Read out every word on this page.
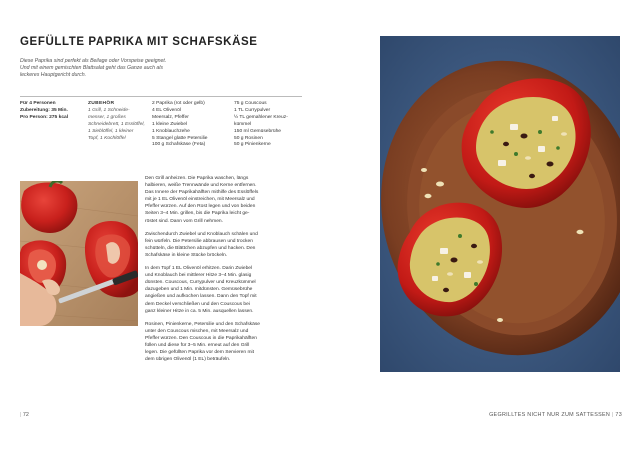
GEFÜLLTE PAPRIKA MIT SCHAFSKÄSE
Diese Paprika sind perfekt als Beilage oder Vorspeise geeignet.
Und mit einem gemischten Blattsalat geht das Ganze auch als
leckeres Hauptgericht durch.
Für 4 Personen
Zubereitung: 35 Min.
Pro Person: 275 kcal
ZUBEHÖR
1 Grill, 1 Schneide-
messer, 1 großes
Schneidebrett, 1 Esslöffel,
1 Sieblöffel, 1 kleiner
Topf, 1 Kochlöffel
2 Paprika (rot oder gelb)
4 EL Olivenöl
Meersalz, Pfeffer
1 kleine Zwiebel
1 Knoblauchzehe
5 Stangel glatte Petersilie
100 g Schafskäse (Feta)
75 g Couscous
1 TL Currypulver
½ TL gemahlener Kreuz-
kümmel
150 ml Gemüsebrühe
50 g Rosinen
50 g Pinienkerne

Den Grill anheizen. Die Paprika waschen, längs
halbieren, weiße Trennwände und Kerne entfernen.
Das Innere der Paprikahälften mithilfe des Esslöffels
mit je 1 EL Olivenöl einstreichen, mit Meersalz und
Pfeffer würzen. Auf den Rost legen und von beiden
Seiten 3–4 Min. grillen, bis die Paprika leicht ge-
röstet sind. Dann vom Grill nehmen.

Zwischendurch Zwiebel und Knoblauch schälen und
fein würfeln. Die Petersilie abbrausen und trocken
schütteln, die Blättchen abzupfen und hacken. Den
Schafskäse in kleine Stücke bröckeln.

In dem Topf 1 EL Olivenöl erhitzen. Darin Zwiebel
und Knoblauch bei mittlerer Hitze 3–4 Min. glasig
dünsten. Couscous, Currypulver und Kreuzkümmel
dazugeben und 1 Min. mitdünsten. Gemüsebrühe
angießen und aufkochen lassen. Dann den Topf mit
dem Deckel verschließen und den Couscous bei
ganz kleiner Hitze in ca. 5 Min. ausquellen lassen.

Rosinen, Pinienkerne, Petersilie und den Schafskäse
unter den Couscous mischen, mit Meersalz und
Pfeffer würzen. Den Couscous in die Paprikahälften
füllen und diese für 3–5 Min. erneut auf den Grill
legen. Die gefüllten Paprika vor dem Servieren mit
dem übrigen Olivenöl (1 EL) beträufeln.

| 72	GEGRILLTES NICHT NUR ZUM SATTESSEN | 73
